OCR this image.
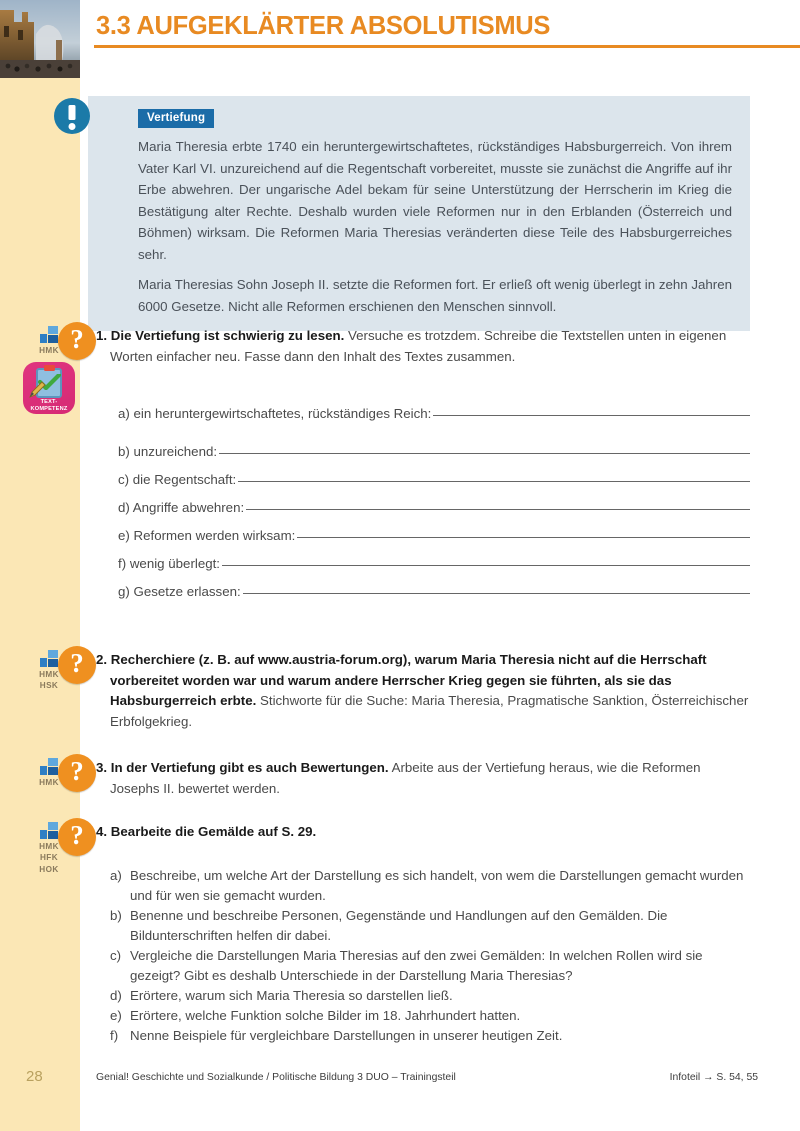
3.3 AUFGEKLÄRTER ABSOLUTISMUS
Vertiefung
Maria Theresia erbte 1740 ein heruntergewirtschaftetes, rückständiges Habsburgerreich. Von ihrem Vater Karl VI. unzureichend auf die Regentschaft vorbereitet, musste sie zunächst die Angriffe auf ihr Erbe abwehren. Der ungarische Adel bekam für seine Unterstützung der Herrscherin im Krieg die Bestätigung alter Rechte. Deshalb wurden viele Reformen nur in den Erblanden (Österreich und Böhmen) wirksam. Die Reformen Maria Theresias veränderten diese Teile des Habsburgerreiches sehr.
Maria Theresias Sohn Joseph II. setzte die Reformen fort. Er erließ oft wenig überlegt in zehn Jahren 6000 Gesetze. Nicht alle Reformen erschienen den Menschen sinnvoll.
HMK
TEXT-
KOMPETENZ
? 1. Die Vertiefung ist schwierig zu lesen. Versuche es trotzdem. Schreibe die Textstellen unten in eigenen Worten einfacher neu. Fasse dann den Inhalt des Textes zusammen.
a) ein heruntergewirtschaftetes, rückständiges Reich:
b) unzureichend:
c) die Regentschaft:
d) Angriffe abwehren:
e) Reformen werden wirksam:
f) wenig überlegt:
g) Gesetze erlassen:
HMK
HSK
? 2. Recherchiere (z. B. auf www.austria-forum.org), warum Maria Theresia nicht auf die Herrschaft vorbereitet worden war und warum andere Herrscher Krieg gegen sie führten, als sie das Habsburgerreich erbte. Stichworte für die Suche: Maria Theresia, Pragmatische Sanktion, Österreichischer Erbfolgekrieg.
HMK ? 3. In der Vertiefung gibt es auch Bewertungen. Arbeite aus der Vertiefung heraus, wie die Reformen Josephs II. bewertet werden.
HMK
HFK
HOK
? 4. Bearbeite die Gemälde auf S. 29.
a) Beschreibe, um welche Art der Darstellung es sich handelt, von wem die Darstellungen gemacht wurden und für wen sie gemacht wurden.
b) Benenne und beschreibe Personen, Gegenstände und Handlungen auf den Gemälden. Die Bildunterschriften helfen dir dabei.
c) Vergleiche die Darstellungen Maria Theresias auf den zwei Gemälden: In welchen Rollen wird sie gezeigt? Gibt es deshalb Unterschiede in der Darstellung Maria Theresias?
d) Erörtere, warum sich Maria Theresia so darstellen ließ.
e) Erörtere, welche Funktion solche Bilder im 18. Jahrhundert hatten.
f) Nenne Beispiele für vergleichbare Darstellungen in unserer heutigen Zeit.
28	Genial! Geschichte und Sozialkunde / Politische Bildung 3 DUO – Trainingsteil	Infoteil → S. 54, 55
